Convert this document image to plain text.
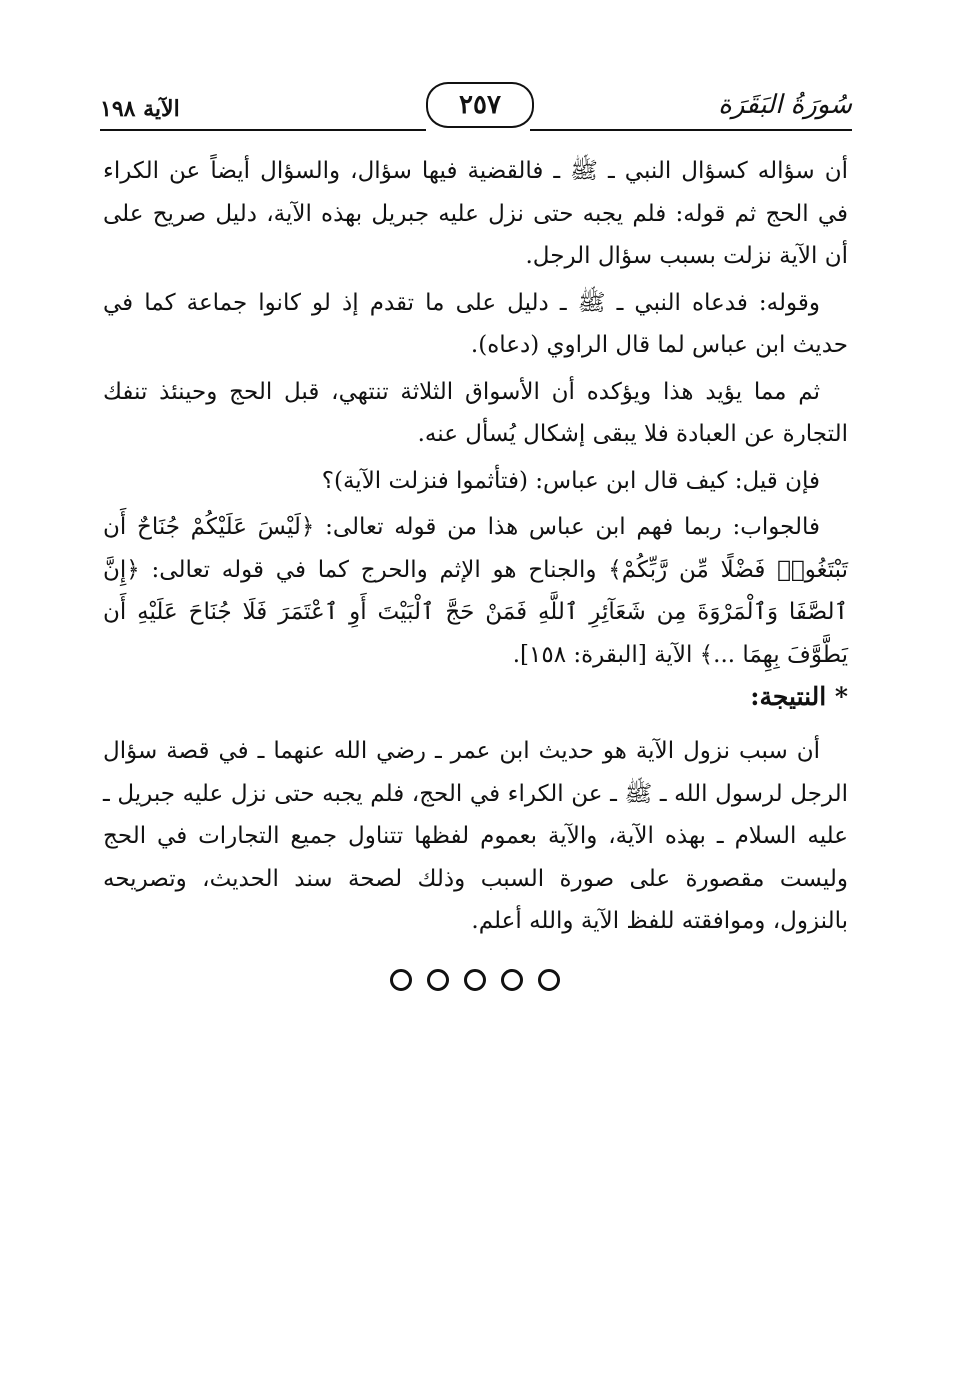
الآية ١٩٨	٢٥٧	سُورَةُ البَقَرَة

أن سؤاله كسؤال النبي ـ ﷺ ـ فالقضية فيها سؤال، والسؤال أيضاً عن الكراء في الحج ثم قوله: فلم يجبه حتى نزل عليه جبريل بهذه الآية، دليل صريح على أن الآية نزلت بسبب سؤال الرجل.

وقوله: فدعاه النبي ـ ﷺ ـ دليل على ما تقدم إذ لو كانوا جماعة كما في حديث ابن عباس لما قال الراوي (دعاه).

ثم مما يؤيد هذا ويؤكده أن الأسواق الثلاثة تنتهي، قبل الحج وحينئذ تنفك التجارة عن العبادة فلا يبقى إشكال يُسأل عنه.

فإن قيل: كيف قال ابن عباس: (فتأثموا فنزلت الآية)؟

فالجواب: ربما فهم ابن عباس هذا من قوله تعالى: ﴿لَيْسَ عَلَيْكُمْ جُنَاحٌ أَن تَبْتَغُوا۟ فَضْلًا مِّن رَّبِّكُمْ﴾ والجناح هو الإثم والحرج كما في قوله تعالى: ﴿إِنَّ ٱلصَّفَا وَٱلْمَرْوَةَ مِن شَعَآئِرِ ٱللَّهِ فَمَنْ حَجَّ ٱلْبَيْتَ أَوِ ٱعْتَمَرَ فَلَا جُنَاحَ عَلَيْهِ أَن يَطَّوَّفَ بِهِمَا ...﴾ الآية [البقرة: ١٥٨].

* النتيجة:

أن سبب نزول الآية هو حديث ابن عمر ـ رضي الله عنهما ـ في قصة سؤال الرجل لرسول الله ـ ﷺ ـ عن الكراء في الحج، فلم يجبه حتى نزل عليه جبريل ـ عليه السلام ـ بهذه الآية، والآية بعموم لفظها تتناول جميع التجارات في الحج وليست مقصورة على صورة السبب وذلك لصحة سند الحديث، وتصريحه بالنزول، وموافقته للفظ الآية والله أعلم.
